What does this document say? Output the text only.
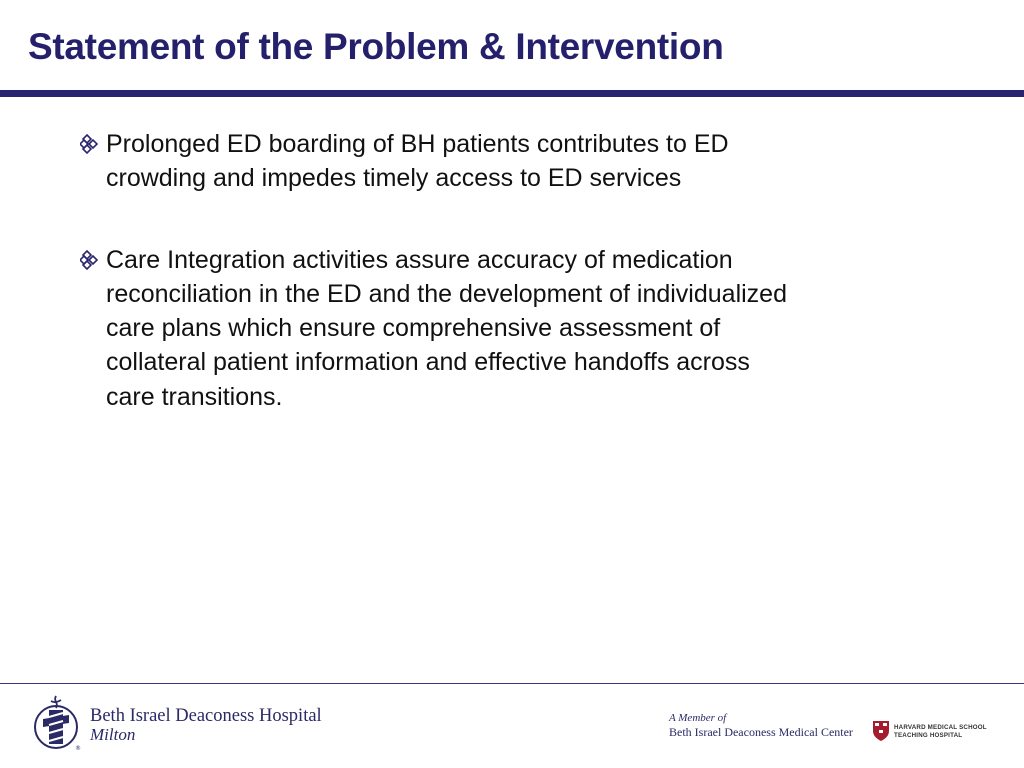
Statement of the Problem & Intervention
Prolonged ED boarding of BH patients contributes to ED crowding and impedes timely access to ED services
Care Integration activities assure accuracy of medication reconciliation in the ED and the development of individualized care plans which ensure comprehensive assessment of collateral patient information and effective handoffs across care transitions.
®

Beth Israel Deaconess Hospital

Milton

A Member of
Beth Israel Deaconess Medical Center	HARVARD MEDICAL SCHOOL
TEACHING HOSPITAL
